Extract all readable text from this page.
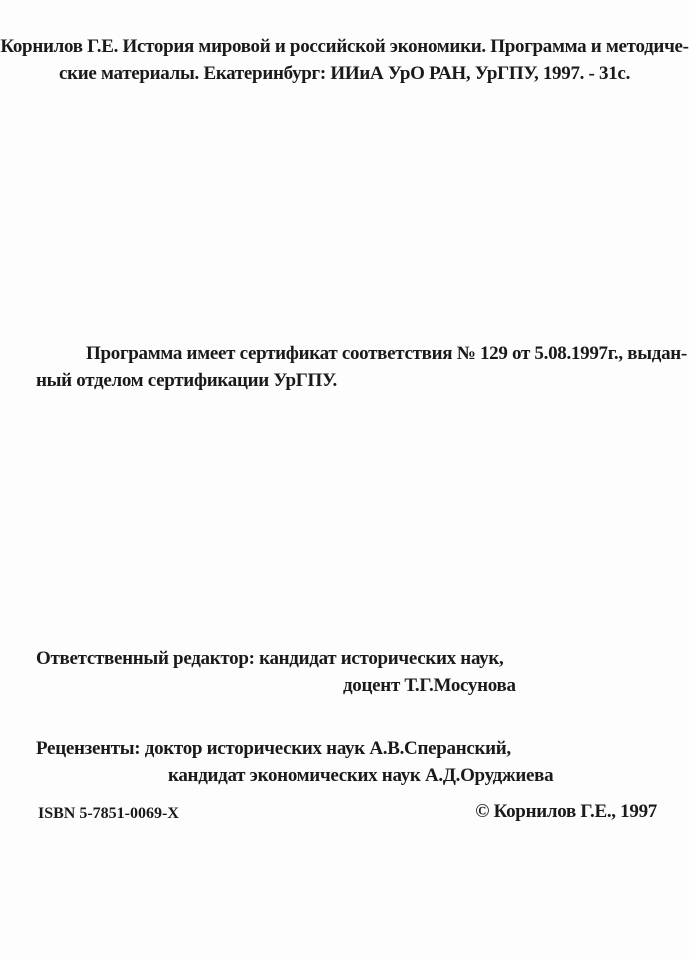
Корнилов Г.Е. История мировой и российской экономики. Программа и методиче-
ские материалы. Екатеринбург: ИИиА УрО РАН, УрГПУ, 1997. - 31с.
Программа имеет сертификат соответствия № 129 от 5.08.1997г., выдан-
ный отделом сертификации УрГПУ.
Ответственный редактор: кандидат исторических наук,
доцент Т.Г.Мосунова
Рецензенты: доктор исторических наук А.В.Сперанский,
кандидат экономических наук А.Д.Оруджиева
ISBN 5-7851-0069-X	© Корнилов Г.Е., 1997
